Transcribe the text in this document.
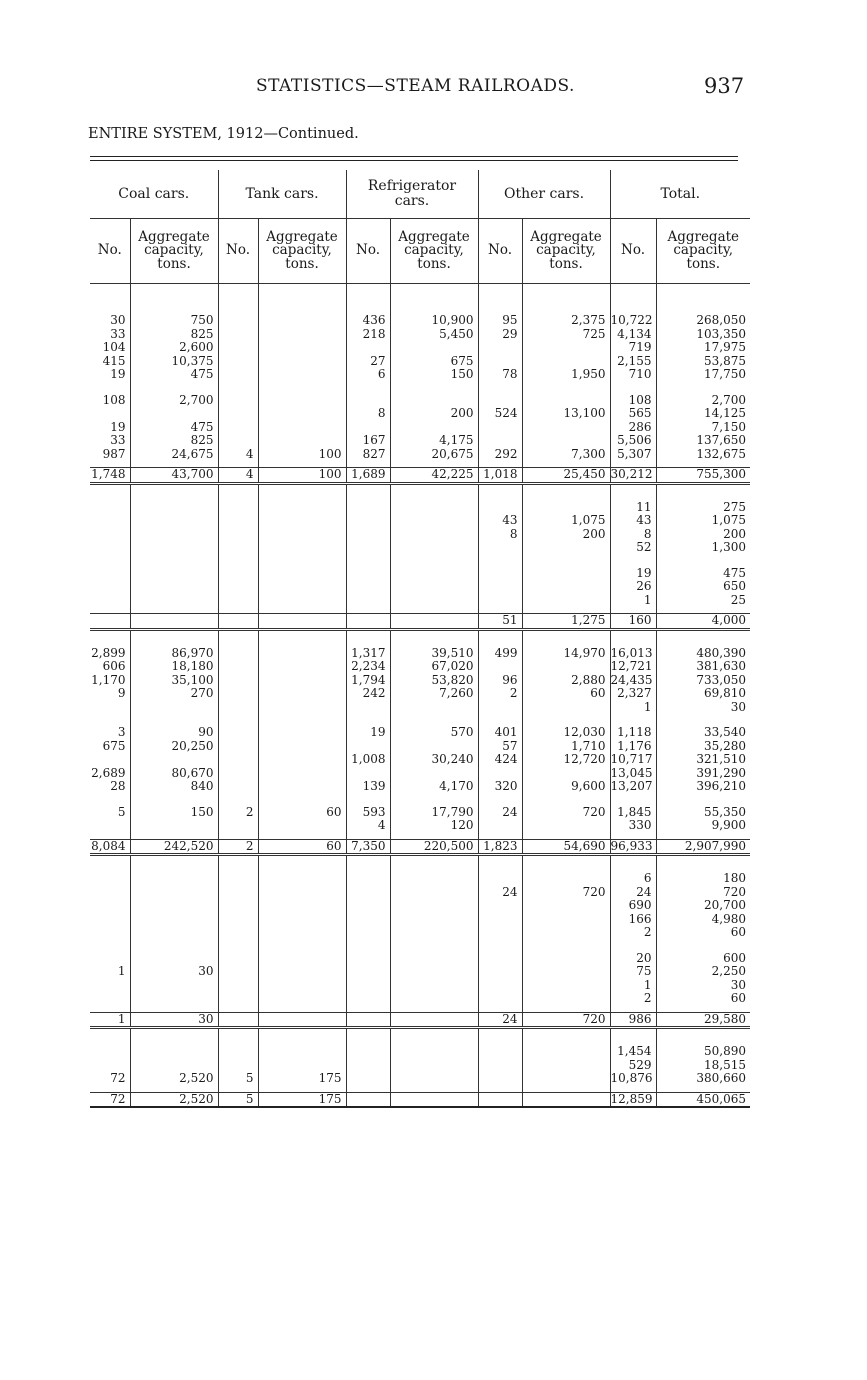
STATISTICS—STEAM RAILROADS.	937
ENTIRE SYSTEM, 1912—Continued.
Coal cars.		Tank cars.		Refrigerator cars.		Other cars.		Total.	
No.	Aggregate capacity, tons.	No.	Aggregate capacity, tons.	No.	Aggregate capacity, tons.	No.	Aggregate capacity, tons.	No.	Aggregate capacity, tons.

30	750			436	10,900	95	2,375	10,722	268,050
33	825			218	5,450	29	725	4,134	103,350
104	2,600							719	17,975
415	10,375			27	675			2,155	53,875
19	475			6	150	78	1,950	710	17,750

108	2,700							108	2,700
				8	200	524	13,100	565	14,125
19	475							286	7,150
33	825			167	4,175			5,506	137,650
987	24,675	4	100	827	20,675	292	7,300	5,307	132,675

1,748	43,700	4	100	1,689	42,225	1,018	25,450	30,212	755,300

								11	275
						43	1,075	43	1,075
						8	200	8	200
								52	1,300

								19	475
								26	650
								1	25

						51	1,275	160	4,000

2,899	86,970			1,317	39,510	499	14,970	16,013	480,390
606	18,180			2,234	67,020			12,721	381,630
1,170	35,100			1,794	53,820	96	2,880	24,435	733,050
9	270			242	7,260	2	60	2,327	69,810
								1	30

3	90			19	570	401	12,030	1,118	33,540
675	20,250					57	1,710	1,176	35,280
				1,008	30,240	424	12,720	10,717	321,510
2,689	80,670							13,045	391,290
28	840			139	4,170	320	9,600	13,207	396,210

5	150	2	60	593	17,790	24	720	1,845	55,350
				4	120			330	9,900

8,084	242,520	2	60	7,350	220,500	1,823	54,690	96,933	2,907,990

								6	180
						24	720	24	720
								690	20,700
								166	4,980
								2	60

								20	600
1	30							75	2,250
								1	30
								2	60

1	30					24	720	986	29,580

								1,454	50,890
								529	18,515
72	2,520	5	175					10,876	380,660

72	2,520	5	175					12,859	450,065
